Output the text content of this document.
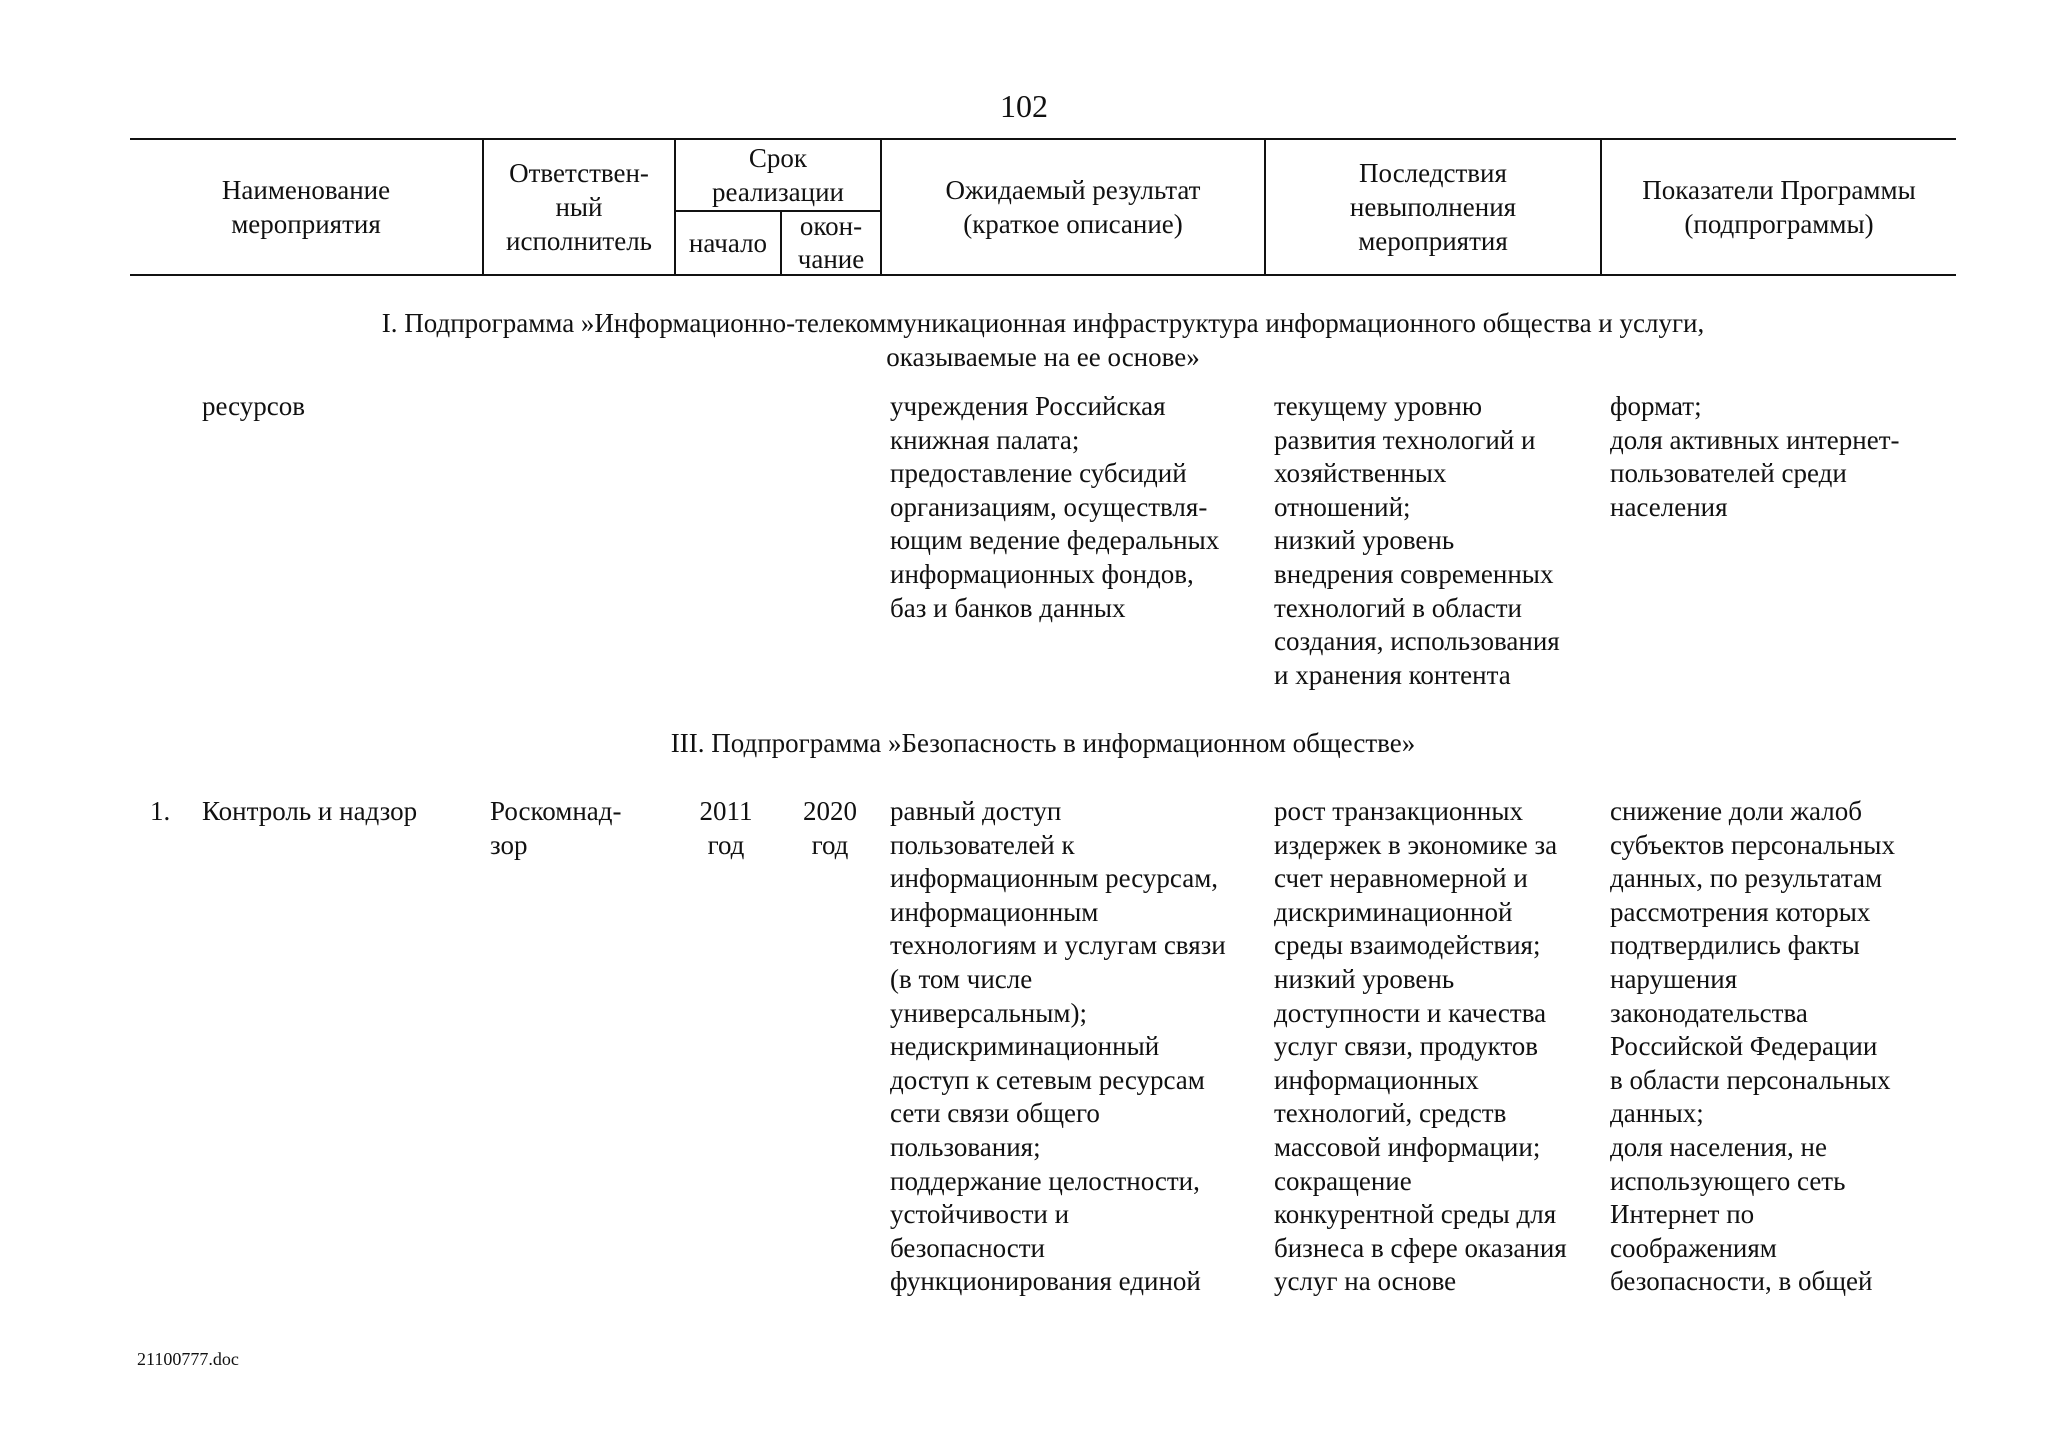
102
Наименование
мероприятия
Ответствен-
ный
исполнитель
Срок
реализации
начало
окон-
чание
Ожидаемый результат
(краткое описание)
Последствия
невыполнения
мероприятия
Показатели Программы
(подпрограммы)
I. Подпрограмма »Информационно-телекоммуникационная инфраструктура информационного общества и услуги,
оказываемые на ее основе»
ресурсов	учреждения Российская
книжная палата;
предоставление субсидий
организациям, осуществля-
ющим ведение федеральных
информационных фондов,
баз и банков данных
текущему уровню
развития технологий и
хозяйственных
отношений;
низкий уровень
внедрения современных
технологий в области
создания, использования
и хранения контента
формат;
доля активных интернет-
пользователей среди
населения
III. Подпрограмма »Безопасность в информационном обществе»
1. Контроль и надзор	Роскомнад-
зор
2011
год
2020
год
равный доступ
пользователей к
информационным ресурсам,
информационным
технологиям и услугам связи
(в том числе
универсальным);
недискриминационный
доступ к сетевым ресурсам
сети связи общего
пользования;
поддержание целостности,
устойчивости и
безопасности
функционирования единой
рост транзакционных
издержек в экономике за
счет неравномерной и
дискриминационной
среды взаимодействия;
низкий уровень
доступности и качества
услуг связи, продуктов
информационных
технологий, средств
массовой информации;
сокращение
конкурентной среды для
бизнеса в сфере оказания
услуг на основе
снижение доли жалоб
субъектов персональных
данных, по результатам
рассмотрения которых
подтвердились факты
нарушения
законодательства
Российской Федерации
в области персональных
данных;
доля населения, не
использующего сеть
Интернет по
соображениям
безопасности, в общей
21100777.doc
